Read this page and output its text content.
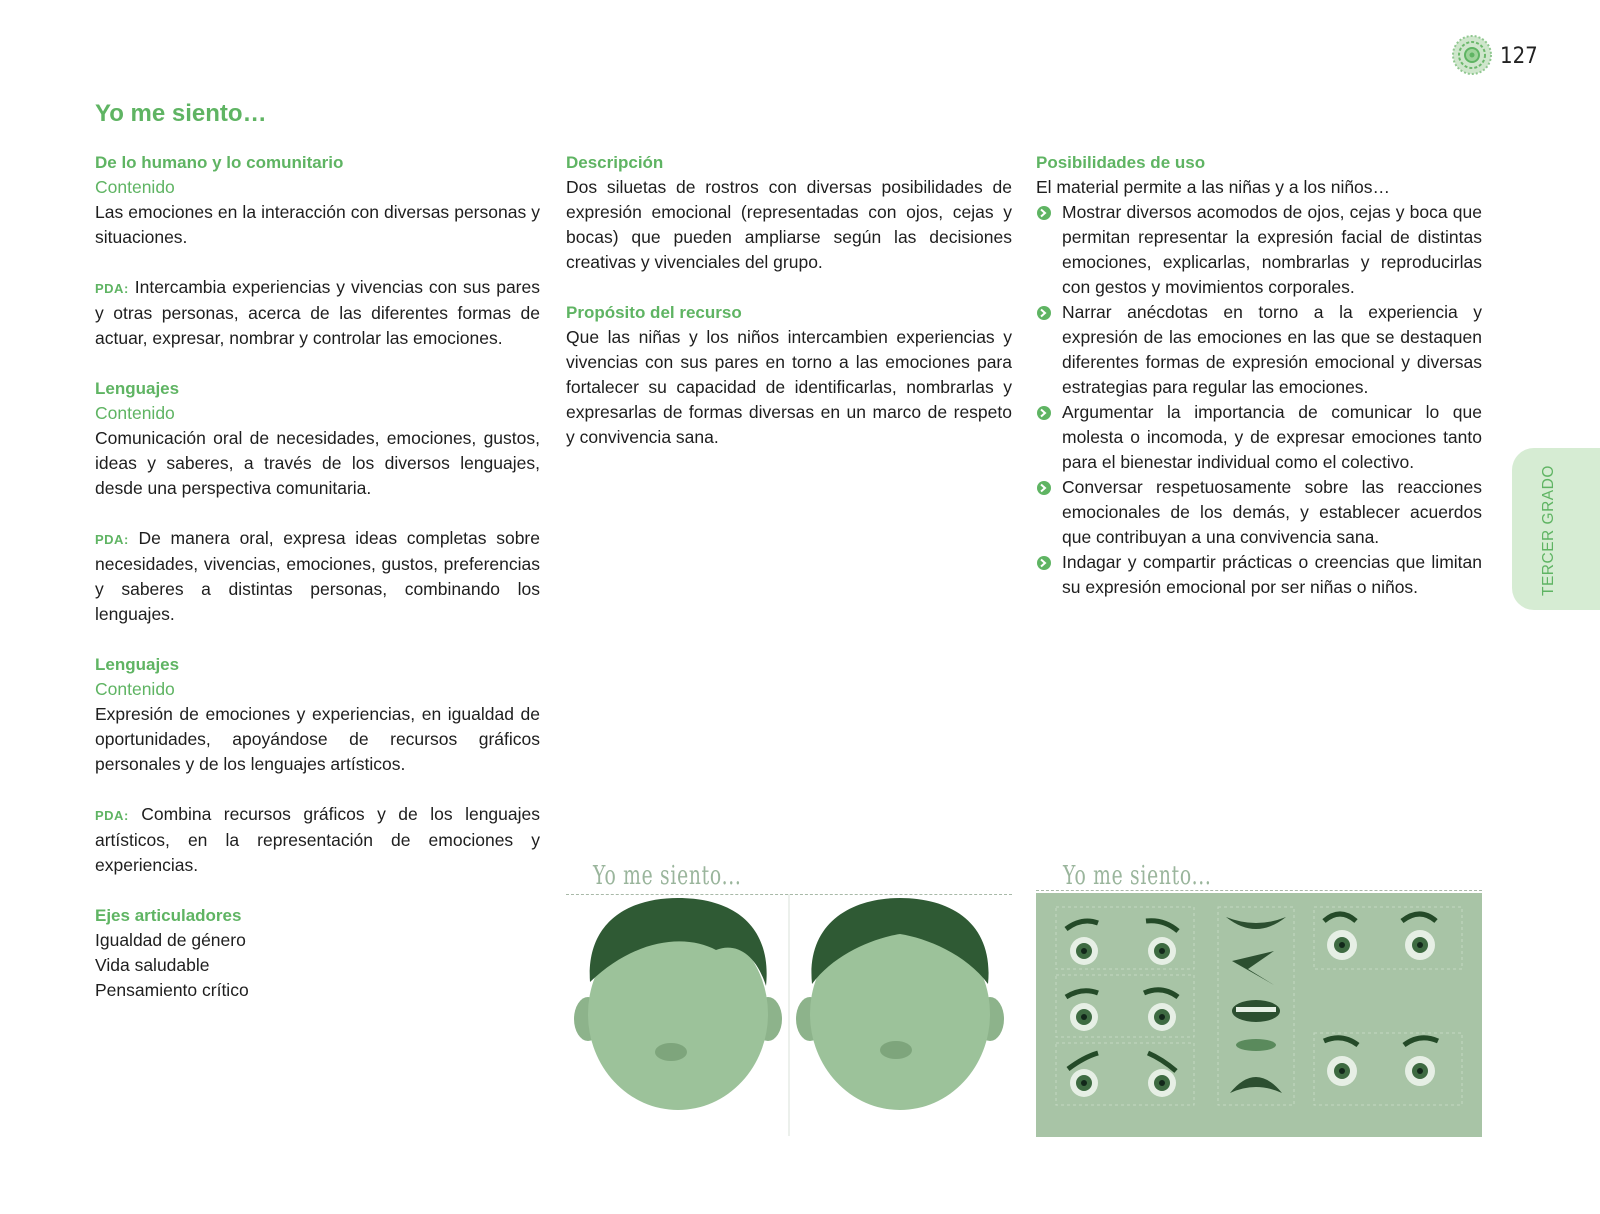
127
Yo me siento…
De lo humano y lo comunitario
Contenido

Las emociones en la interacción con diversas personas y situaciones.

PDA: Intercambia experiencias y vivencias con sus pares y otras personas, acerca de las diferentes formas de actuar, expresar, nombrar y controlar las emociones.

Lenguajes
Contenido

Comunicación oral de necesidades, emociones, gustos, ideas y saberes, a través de los diversos lenguajes, desde una perspectiva comunitaria.

PDA: De manera oral, expresa ideas completas sobre necesidades, vivencias, emociones, gustos, preferencias y saberes a distintas personas, combinando los lenguajes.

Lenguajes
Contenido

Expresión de emociones y experiencias, en igualdad de oportunidades, apoyándose de recursos gráficos personales y de los lenguajes artísticos.

PDA: Combina recursos gráficos y de los lenguajes artísticos, en la representación de emociones y experiencias.

Ejes articuladores
Igualdad de género
Vida saludable
Pensamiento crítico
Descripción

Dos siluetas de rostros con diversas posibilidades de expresión emocional (representadas con ojos, cejas y bocas) que pueden ampliarse según las decisiones creativas y vivenciales del grupo.

Propósito del recurso

Que las niñas y los niños intercambien experiencias y vivencias con sus pares en torno a las emociones para fortalecer su capacidad de identificarlas, nombrarlas y expresarlas de formas diversas en un marco de respeto y convivencia sana.

Posibilidades de uso
El material permite a las niñas y a los niños…
Mostrar diversos acomodos de ojos, cejas y boca que permitan representar la expresión facial de distintas emociones, explicarlas, nombrarlas y reproducirlas con gestos y movimientos corporales.
Narrar anécdotas en torno a la experiencia y expresión de las emociones en las que se destaquen diferentes formas de expresión emocional y diversas estrategias para regular las emociones.
Argumentar la importancia de comunicar lo que molesta o incomoda, y de expresar emociones tanto para el bienestar individual como el colectivo.
Conversar respetuosamente sobre las reacciones emocionales de los demás, y establecer acuerdos que contribuyan a una convivencia sana.
Indagar y compartir prácticas o creencias que limitan su expresión emocional por ser niñas o niños.	TERCER GRADO
Yo me siento...	Yo me siento...
